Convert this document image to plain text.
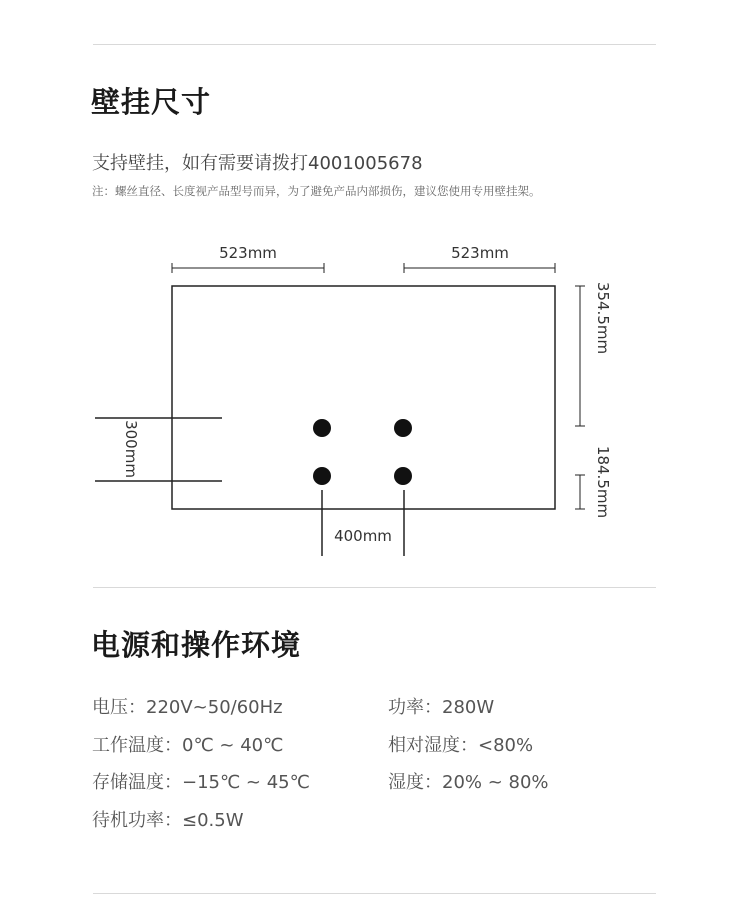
壁挂尺寸
支持壁挂，如有需要请拨打4001005678
注：螺丝直径、长度视产品型号而异，为了避免产品内部损伤，建议您使用专用壁挂架。
523mm	523mm
354.5mm
184.5mm
300mm
400mm
电源和操作环境
电压：220V~50/60Hz	功率：280W
工作温度：0℃ ~ 40℃	相对湿度：<80%
存储温度：−15℃ ~ 45℃	湿度：20% ~ 80%
待机功率：≤0.5W
